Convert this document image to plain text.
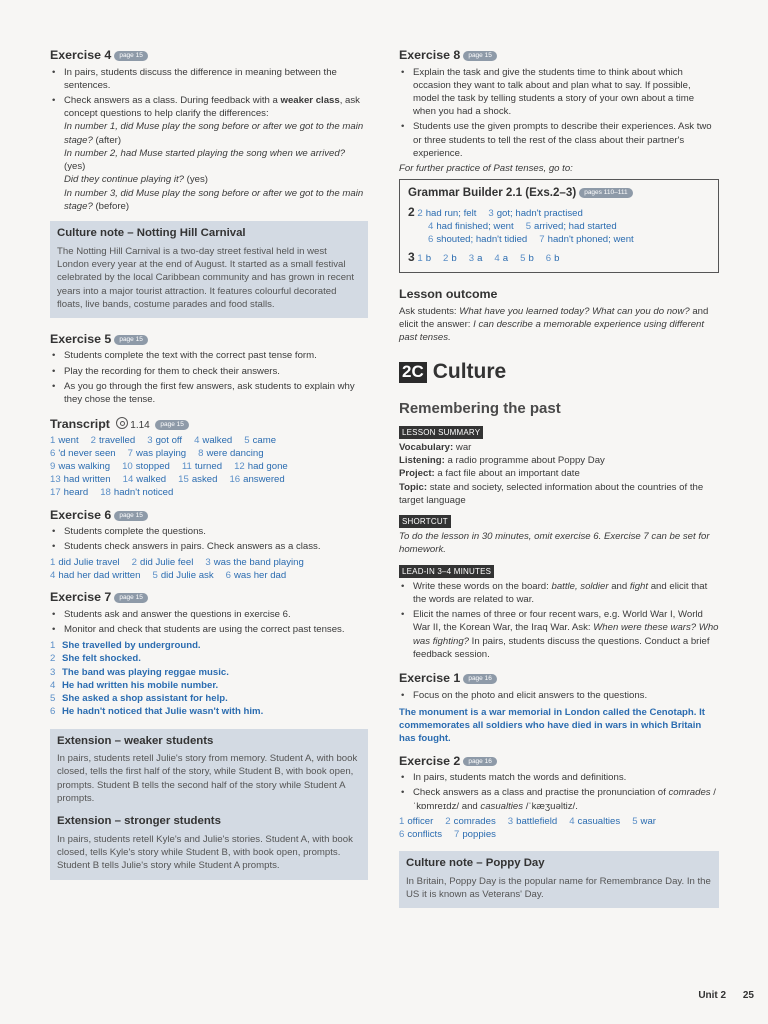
Exercise 4 page 15
• In pairs, students discuss the difference in meaning between the sentences.
• Check answers as a class. During feedback with a weaker class, ask concept questions to help clarify the differences:
In number 1, did Muse play the song before or after we got to the main stage? (after)
In number 2, had Muse started playing the song when we arrived? (yes)
Did they continue playing it? (yes)
In number 3, did Muse play the song before or after we got to the main stage? (before)
Culture note – Notting Hill Carnival

The Notting Hill Carnival is a two-day street festival held in west London every year at the end of August. It started as a small festival celebrated by the local Caribbean community and has grown in recent years into a major tourist attraction. It features colourful decorated floats, live bands, costume parades and food stalls.

Exercise 5 page 15
• Students complete the text with the correct past tense form.
• Play the recording for them to check their answers.
• As you go through the first few answers, ask students to explain why they chose the tense.
Transcript 1.14 page 15
1 went 2 travelled 3 got off 4 walked 5 came
6 'd never seen 7 was playing 8 were dancing
9 was walking 10 stopped 11 turned 12 had gone
13 had written 14 walked 15 asked 16 answered
17 heard 18 hadn't noticed
Exercise 6 page 15
• Students complete the questions.
• Students check answers in pairs. Check answers as a class.
1 did Julie travel 2 did Julie feel 3 was the band playing
4 had her dad written 5 did Julie ask 6 was her dad
Exercise 7 page 15
• Students ask and answer the questions in exercise 6.
• Monitor and check that students are using the correct past tenses.
1 She travelled by underground.
2 She felt shocked.
3 The band was playing reggae music.
4 He had written his mobile number.
5 She asked a shop assistant for help.
6 He hadn't noticed that Julie wasn't with him.
Extension – weaker students

In pairs, students retell Julie's story from memory. Student A, with book closed, tells the first half of the story, while Student B, with book open, prompts. Student B tells the second half of the story while Student A prompts.

Extension – stronger students

In pairs, students retell Kyle's and Julie's stories. Student A, with book closed, tells Kyle's story while Student B, with book open, prompts. Student B tells Julie's story while Student A prompts.

Exercise 8 page 15
• Explain the task and give the students time to think about which occasion they want to talk about and plan what to say. If possible, model the task by telling students a story of your own about a time when you had a shock.
• Students use the given prompts to describe their experiences. Ask two or three students to tell the rest of the class about their partner's experience.
For further practice of Past tenses, go to:
Grammar Builder 2.1 (Exs.2–3) pages 110–111
2 2 had run; felt 3 got; hadn't practised
4 had finished; went 5 arrived; had started
6 shouted; hadn't tidied 7 hadn't phoned; went
3 1 b 2 b 3 a 4 a 5 b 6 b
Lesson outcome
Ask students: What have you learned today? What can you do now? and elicit the answer: I can describe a memorable experience using different past tenses.
2C Culture
Remembering the past
LESSON SUMMARY
Vocabulary: war
Listening: a radio programme about Poppy Day
Project: a fact file about an important date
Topic: state and society, selected information about the countries of the target language
SHORTCUT
To do the lesson in 30 minutes, omit exercise 6. Exercise 7 can be set for homework.
LEAD-IN 3–4 MINUTES
• Write these words on the board: battle, soldier and fight and elicit that the words are related to war.
• Elicit the names of three or four recent wars, e.g. World War I, World War II, the Korean War, the Iraq War. Ask: When were these wars? Who was fighting? In pairs, students discuss the questions. Conduct a brief feedback session.
Exercise 1 page 16
• Focus on the photo and elicit answers to the questions.
The monument is a war memorial in London called the Cenotaph. It commemorates all soldiers who have died in wars in which Britain has fought.
Exercise 2 page 16
• In pairs, students match the words and definitions.
• Check answers as a class and practise the pronunciation of comrades /ˈkɒmreɪdz/ and casualties /ˈkæʒuəltiz/.
1 officer 2 comrades 3 battlefield 4 casualties 5 war
6 conflicts 7 poppies
Culture note – Poppy Day

In Britain, Poppy Day is the popular name for Remembrance Day. In the US it is known as Veterans' Day.

Unit 2 25
